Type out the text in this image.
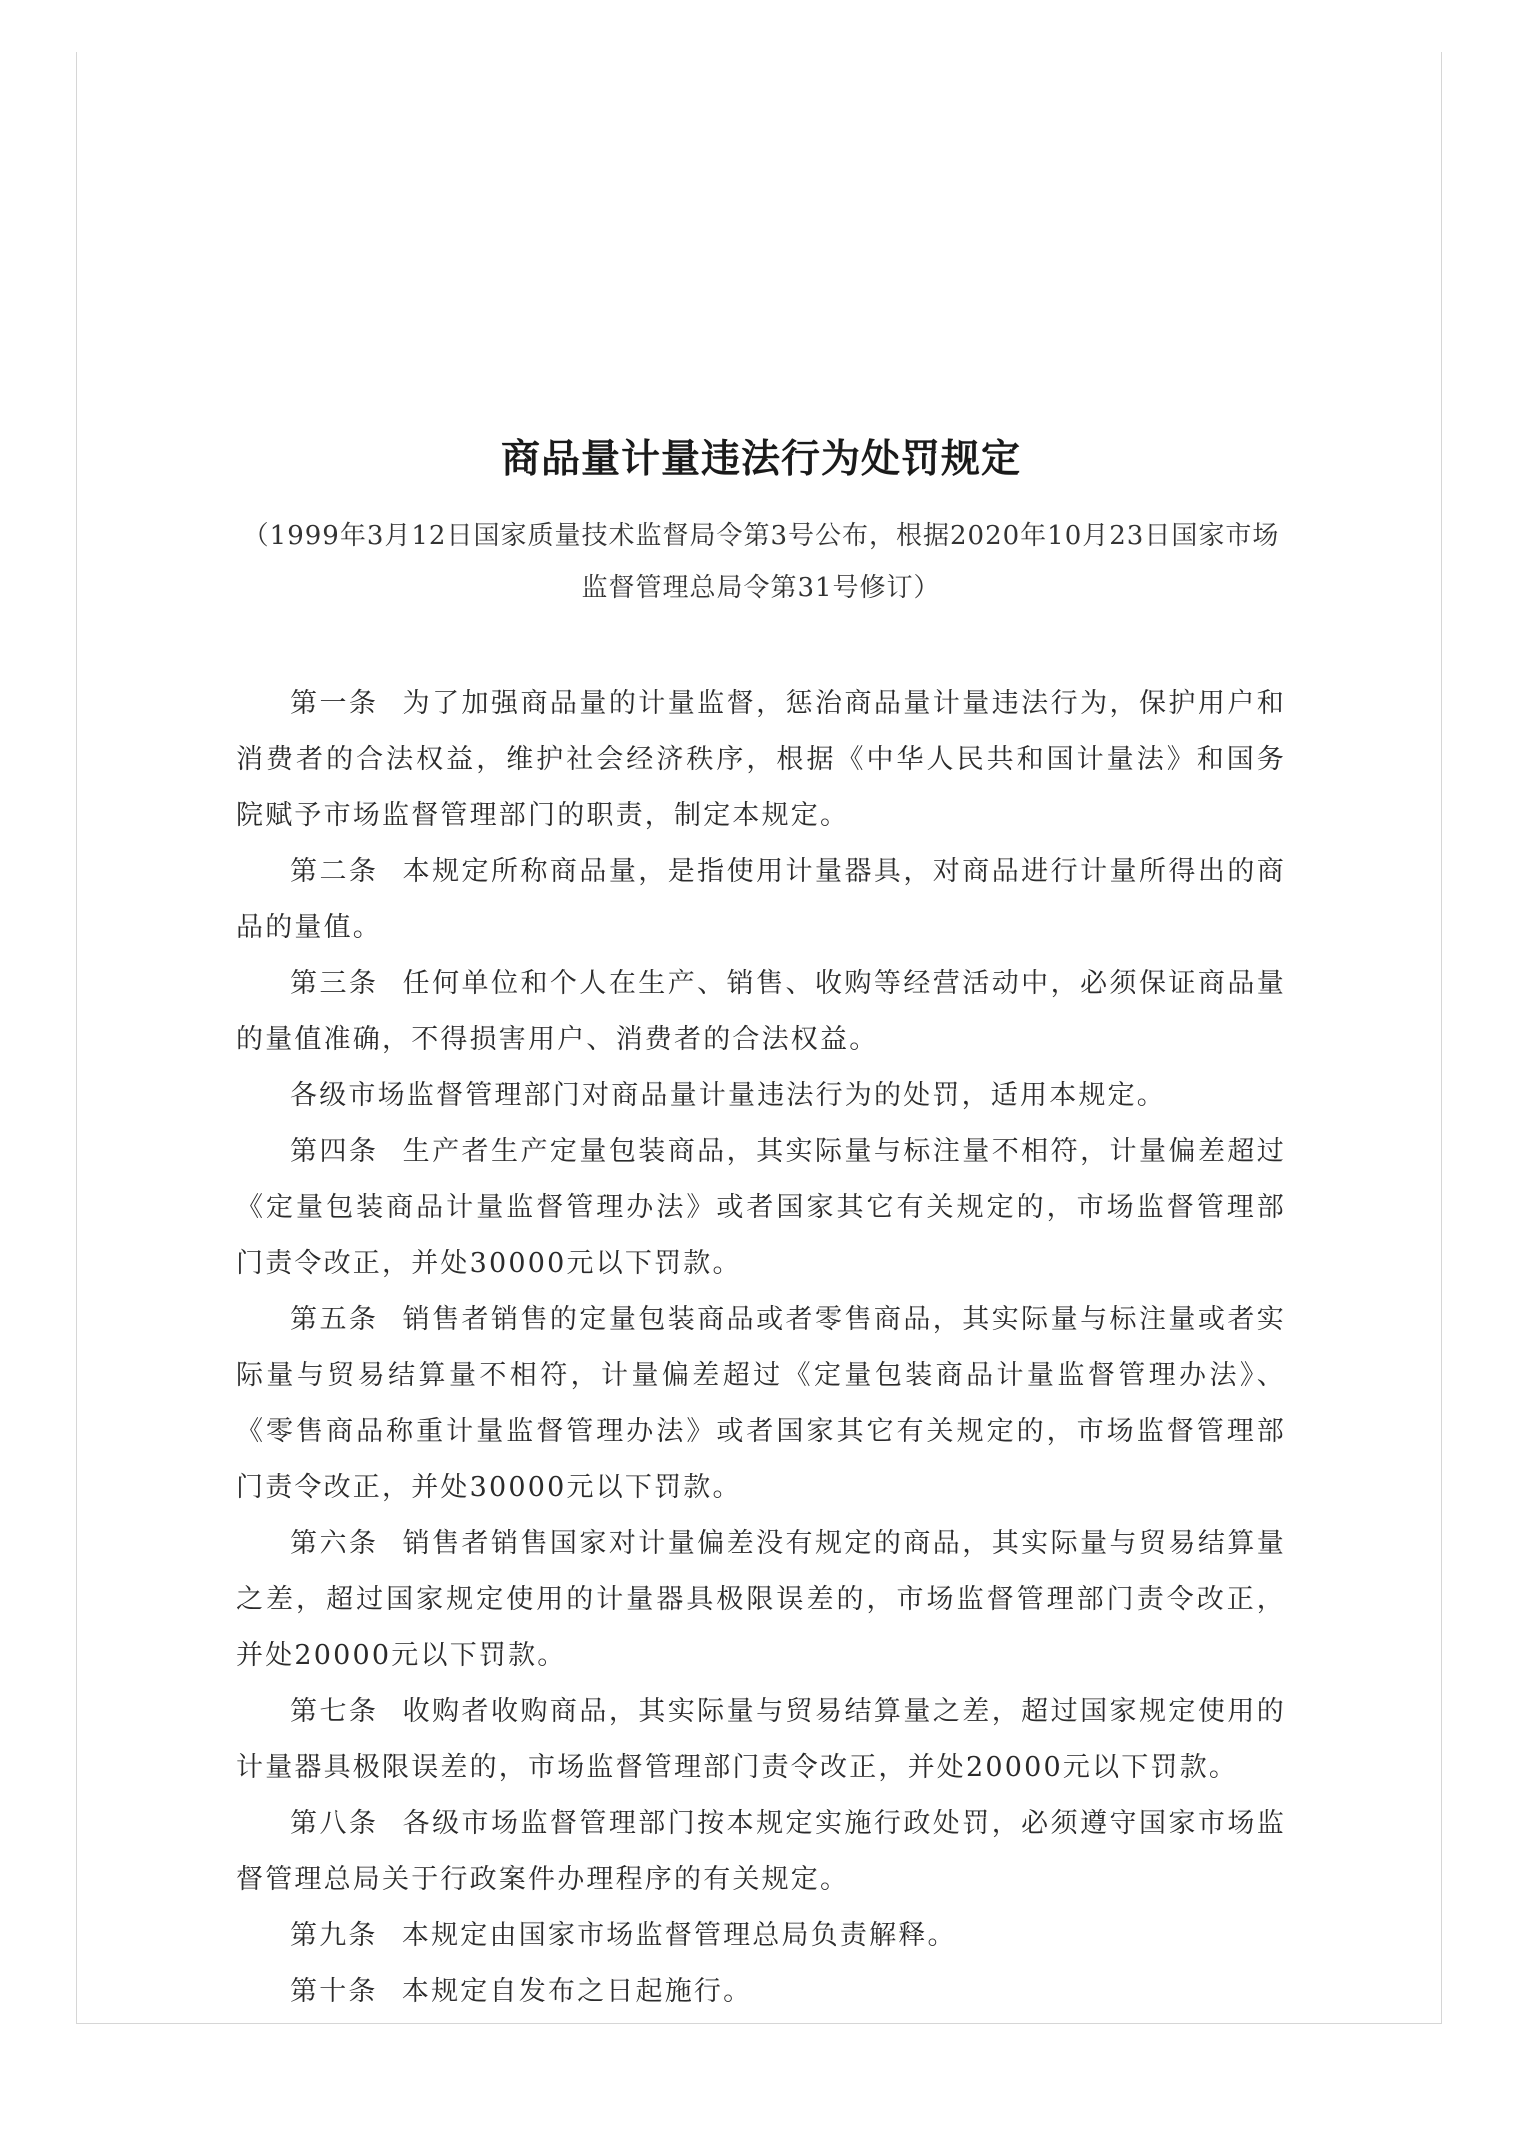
商品量计量违法行为处罚规定
（1999年3月12日国家质量技术监督局令第3号公布，根据2020年10月23日国家市场
监督管理总局令第31号修订）

第一条 为了加强商品量的计量监督，惩治商品量计量违法行为，保护用户和消费者的合法权益，维护社会经济秩序，根据《中华人民共和国计量法》和国务院赋予市场监督管理部门的职责，制定本规定。

第二条 本规定所称商品量，是指使用计量器具，对商品进行计量所得出的商品的量值。

第三条 任何单位和个人在生产、销售、收购等经营活动中，必须保证商品量的量值准确，不得损害用户、消费者的合法权益。

各级市场监督管理部门对商品量计量违法行为的处罚，适用本规定。

第四条 生产者生产定量包装商品，其实际量与标注量不相符，计量偏差超过《定量包装商品计量监督管理办法》或者国家其它有关规定的，市场监督管理部门责令改正，并处30000元以下罚款。

第五条 销售者销售的定量包装商品或者零售商品，其实际量与标注量或者实际量与贸易结算量不相符，计量偏差超过《定量包装商品计量监督管理办法》、《零售商品称重计量监督管理办法》或者国家其它有关规定的，市场监督管理部门责令改正，并处30000元以下罚款。

第六条 销售者销售国家对计量偏差没有规定的商品，其实际量与贸易结算量之差，超过国家规定使用的计量器具极限误差的，市场监督管理部门责令改正，并处20000元以下罚款。

第七条 收购者收购商品，其实际量与贸易结算量之差，超过国家规定使用的计量器具极限误差的，市场监督管理部门责令改正，并处20000元以下罚款。

第八条 各级市场监督管理部门按本规定实施行政处罚，必须遵守国家市场监督管理总局关于行政案件办理程序的有关规定。

第九条 本规定由国家市场监督管理总局负责解释。

第十条 本规定自发布之日起施行。
